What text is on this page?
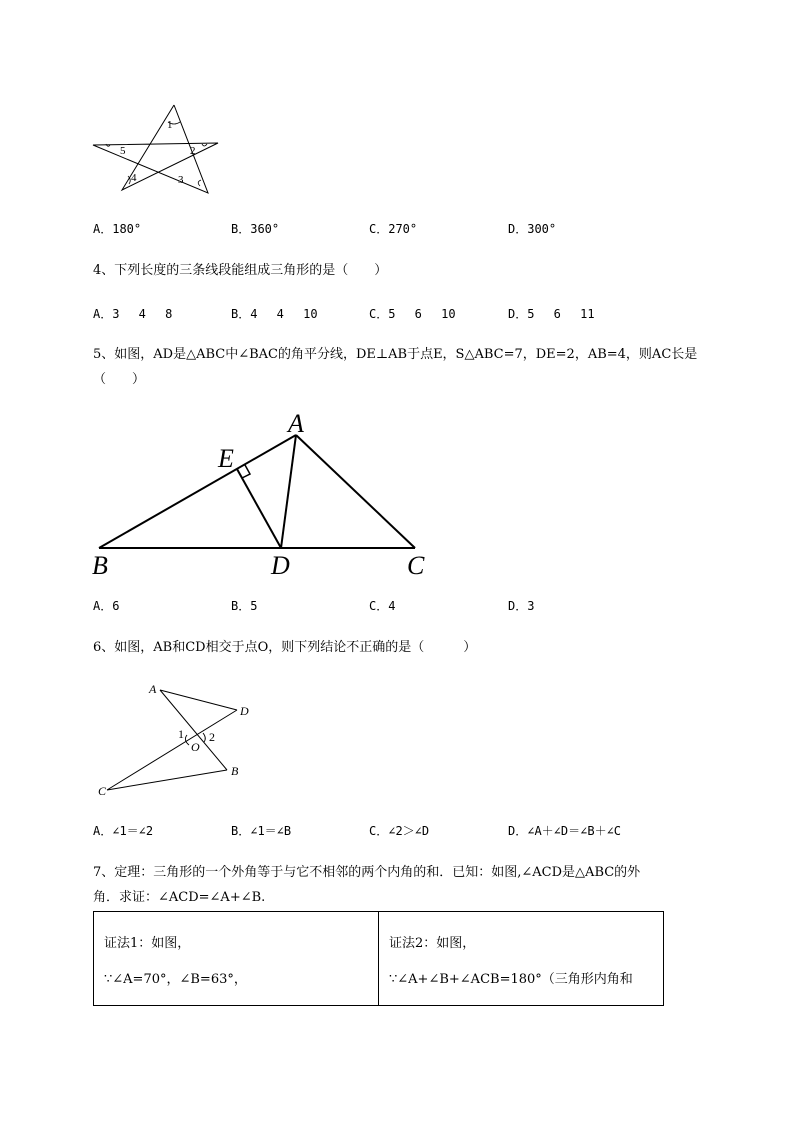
1
2
3
4
5
A．180°	B．360°	C．270°	D．300°
4、下列长度的三条线段能组成三角形的是（　　）
A．3　 4　 8	B．4　 4　 10	C．5　 6　 10	D．5　 6　 11
5、如图，AD是△ABC中∠BAC的角平分线，DE⊥AB于点E，S△ABC=7，DE=2，AB=4，则AC长是
（　　）
A
E
B	D	C
A．6	B．5	C．4	D．3
6、如图，AB和CD相交于点O，则下列结论不正确的是（　　　）
A
D
1 2
O
B
C
A．∠1＝∠2	B．∠1＝∠B	C．∠2＞∠D	D．∠A＋∠D＝∠B＋∠C
7、定理：三角形的一个外角等于与它不相邻的两个内角的和．已知：如图,∠ACD是△ABC的外
角．求证：∠ACD=∠A+∠B.
证法1：如图，
∵∠A=70°，∠B=63°，

证法2：如图，
∵∠A+∠B+∠ACB=180°（三角形内角和
